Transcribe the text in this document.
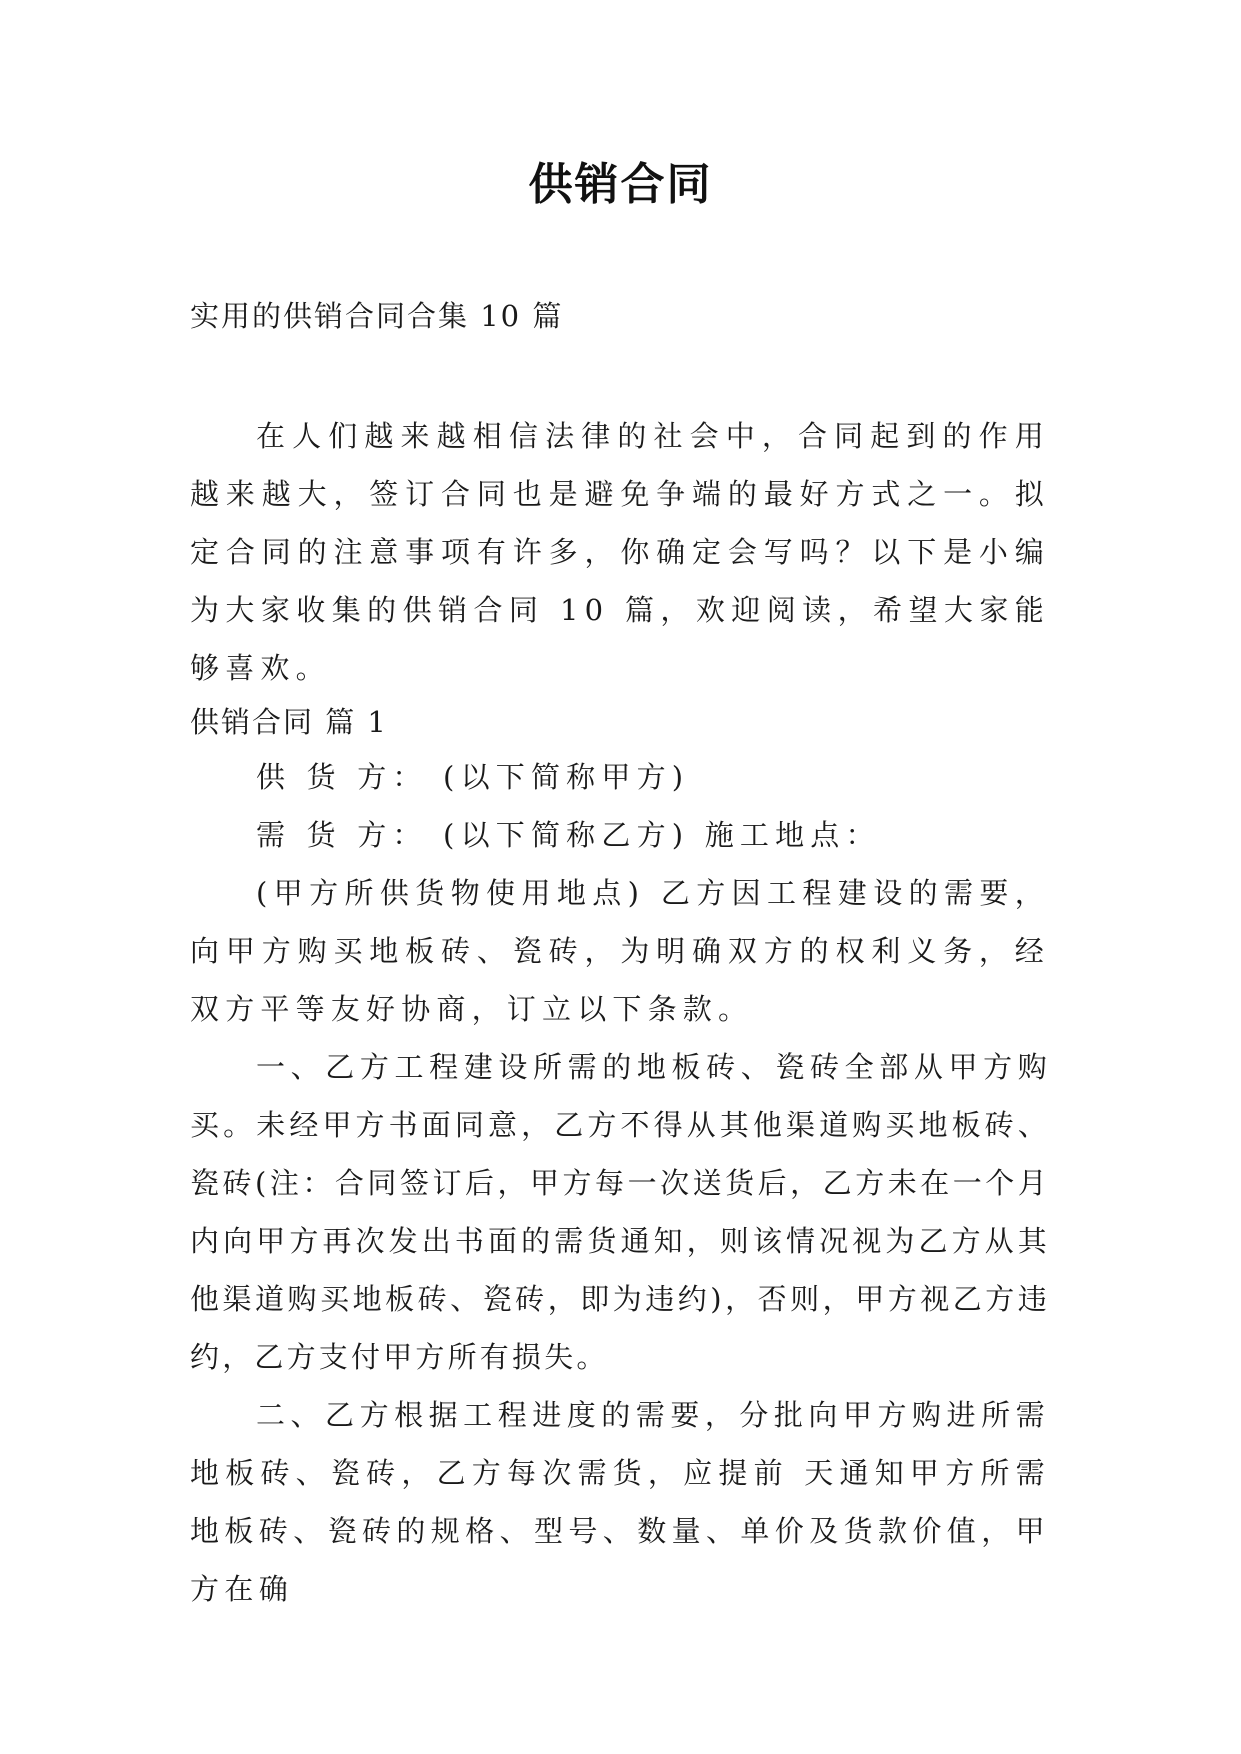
供销合同
实用的供销合同合集 10 篇

在人们越来越相信法律的社会中，合同起到的作用越来越大，签订合同也是避免争端的最好方式之一。拟定合同的注意事项有许多，你确定会写吗？以下是小编为大家收集的供销合同 10 篇，欢迎阅读，希望大家能够喜欢。

供销合同 篇 1

供 货 方： (以下简称甲方)

需 货 方： (以下简称乙方) 施工地点：

(甲方所供货物使用地点) 乙方因工程建设的需要，向甲方购买地板砖、瓷砖，为明确双方的权利义务，经双方平等友好协商，订立以下条款。

一、乙方工程建设所需的地板砖、瓷砖全部从甲方购买。未经甲方书面同意，乙方不得从其他渠道购买地板砖、瓷砖(注：合同签订后，甲方每一次送货后，乙方未在一个月内向甲方再次发出书面的需货通知，则该情况视为乙方从其他渠道购买地板砖、瓷砖，即为违约)，否则，甲方视乙方违约，乙方支付甲方所有损失。

二、乙方根据工程进度的需要，分批向甲方购进所需地板砖、瓷砖，乙方每次需货，应提前 天通知甲方所需地板砖、瓷砖的规格、型号、数量、单价及货款价值，甲方在确
